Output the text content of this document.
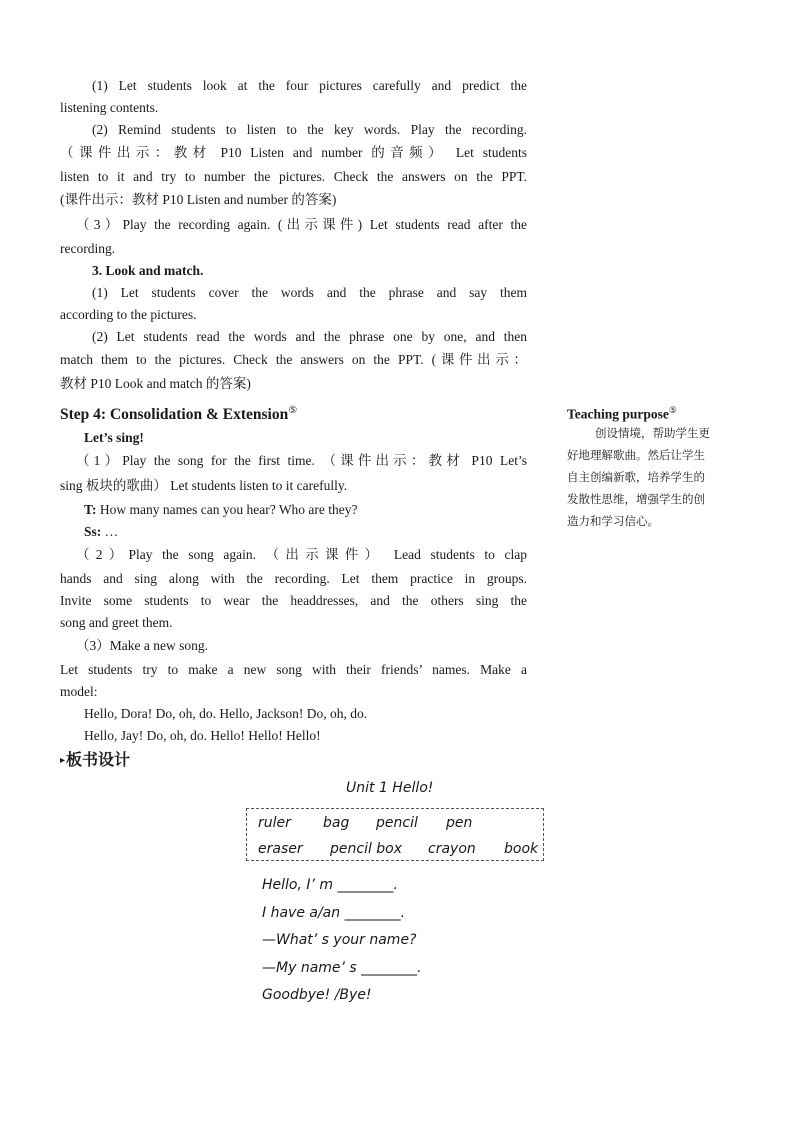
(1) Let students look at the four pictures carefully and predict the
listening contents.
(2) Remind students to listen to the key words. Play the recording.
（课件出示：教材 P10 Listen and number 的音频） Let students
listen to it and try to number the pictures. Check the answers on the PPT.
(课件出示：教材 P10 Listen and number 的答案)
（3）Play the recording again. (出示课件) Let students read after the
recording.
3. Look and match.
(1) Let students cover the words and the phrase and say them
according to the pictures.
(2) Let students read the words and the phrase one by one, and then
match them to the pictures. Check the answers on the PPT. (课件出示：
教材 P10 Look and match 的答案)
Step 4: Consolidation & Extension⑤
Let’s sing!
（1）Play the song for the first time. （课件出示：教材 P10 Let’s
sing 板块的歌曲） Let students listen to it carefully.
T: How many names can you hear? Who are they?
Ss: …
（2）Play the song again. （出示课件） Lead students to clap
hands and sing along with the recording. Let them practice in groups.
Invite some students to wear the headdresses, and the others sing the
song and greet them.
（3）Make a new song.
Let students try to make a new song with their friends’ names. Make a
model:
Hello, Dora! Do, oh, do. Hello, Jackson! Do, oh, do.
Hello, Jay! Do, oh, do. Hello! Hello! Hello!
Teaching purpose⑤
创设情境，帮助学生更
好地理解歌曲。然后让学生
自主创编新歌，培养学生的
发散性思维，增强学生的创
造力和学习信心。
▸板书设计
Unit 1 Hello!
ruler bag pencil pen
eraser pencil box crayon book
Hello, I’ m ________.
I have a/an ________.
—What’ s your name?
—My name’ s ________.
Goodbye! /Bye!
